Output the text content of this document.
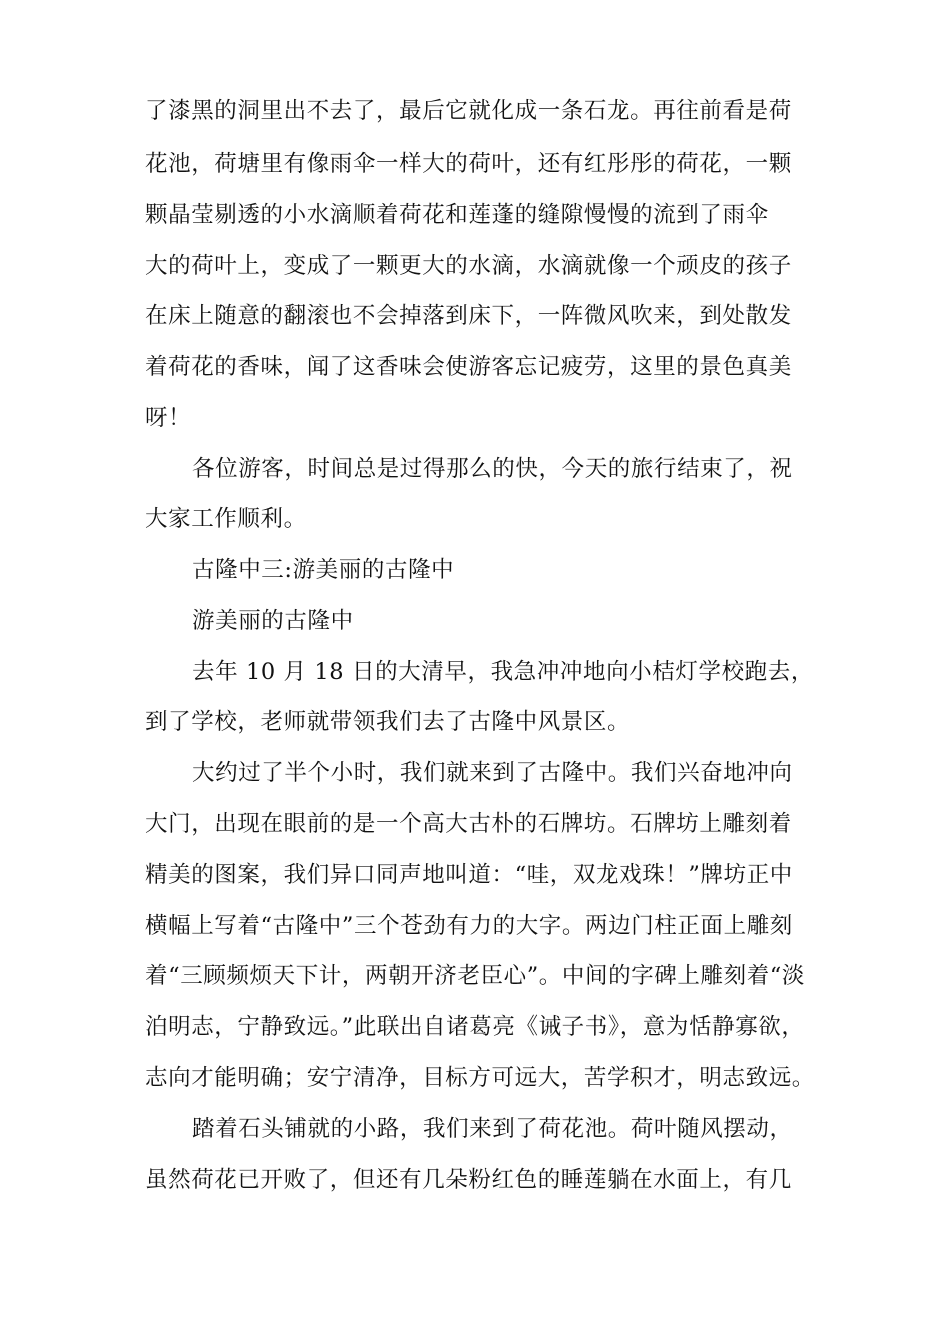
了漆黑的洞里出不去了，最后它就化成一条石龙。再往前看是荷
花池，荷塘里有像雨伞一样大的荷叶，还有红彤彤的荷花，一颗
颗晶莹剔透的小水滴顺着荷花和莲蓬的缝隙慢慢的流到了雨伞
大的荷叶上，变成了一颗更大的水滴，水滴就像一个顽皮的孩子
在床上随意的翻滚也不会掉落到床下，一阵微风吹来，到处散发
着荷花的香味，闻了这香味会使游客忘记疲劳，这里的景色真美
呀！
各位游客，时间总是过得那么的快，今天的旅行结束了，祝
大家工作顺利。
古隆中三:游美丽的古隆中
游美丽的古隆中
去年 10 月 18 日的大清早，我急冲冲地向小桔灯学校跑去，
到了学校，老师就带领我们去了古隆中风景区。
大约过了半个小时，我们就来到了古隆中。我们兴奋地冲向
大门，出现在眼前的是一个高大古朴的石牌坊。石牌坊上雕刻着
精美的图案，我们异口同声地叫道：“哇，双龙戏珠！”牌坊正中
横幅上写着“古隆中”三个苍劲有力的大字。两边门柱正面上雕刻
着“三顾频烦天下计，两朝开济老臣心”。中间的字碑上雕刻着“淡
泊明志，宁静致远。”此联出自诸葛亮《诫子书》，意为恬静寡欲，
志向才能明确；安宁清净，目标方可远大，苦学积才，明志致远。
踏着石头铺就的小路，我们来到了荷花池。荷叶随风摆动，
虽然荷花已开败了，但还有几朵粉红色的睡莲躺在水面上，有几
